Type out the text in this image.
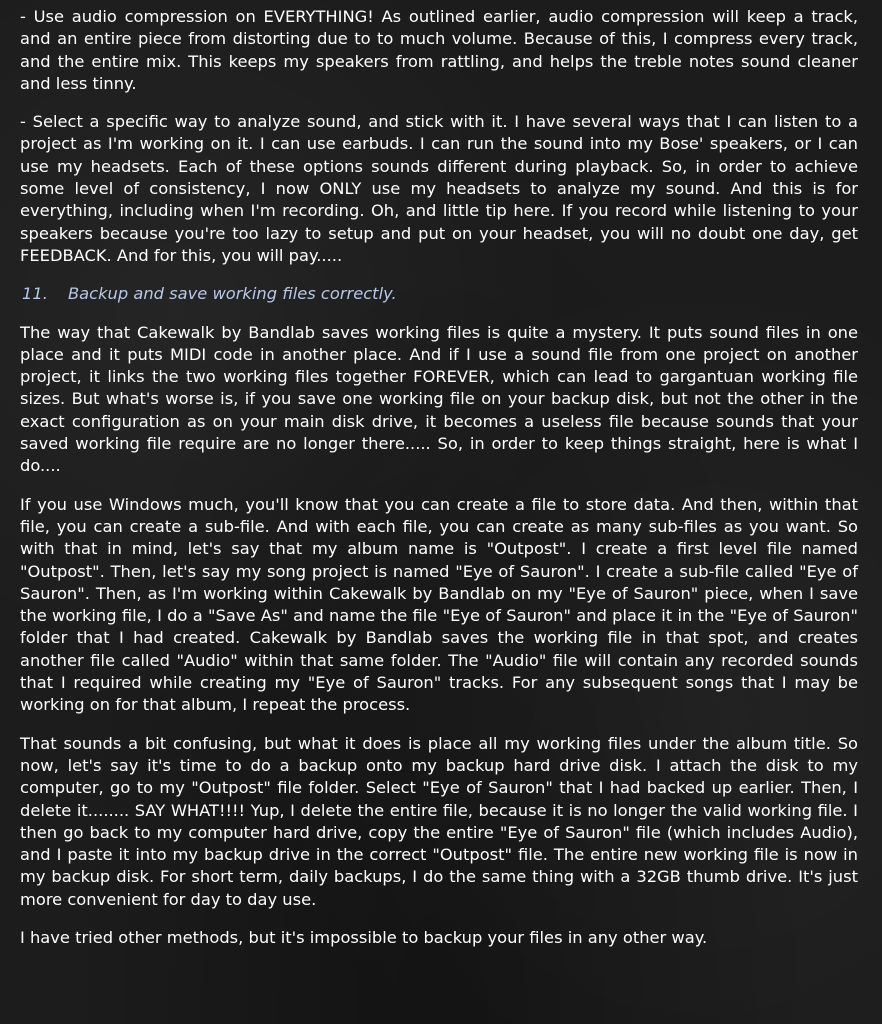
- Use audio compression on EVERYTHING! As outlined earlier, audio compression will keep a track, and an entire piece from distorting due to to much volume. Because of this, I compress every track, and the entire mix. This keeps my speakers from rattling, and helps the treble notes sound cleaner and less tinny.

- Select a specific way to analyze sound, and stick with it. I have several ways that I can listen to a project as I'm working on it. I can use earbuds. I can run the sound into my Bose' speakers, or I can use my headsets. Each of these options sounds different during playback. So, in order to achieve some level of consistency, I now ONLY use my headsets to analyze my sound. And this is for everything, including when I'm recording. Oh, and little tip here. If you record while listening to your speakers because you're too lazy to setup and put on your headset, you will no doubt one day, get FEEDBACK. And for this, you will pay.....

11. Backup and save working files correctly.

The way that Cakewalk by Bandlab saves working files is quite a mystery. It puts sound files in one place and it puts MIDI code in another place. And if I use a sound file from one project on another project, it links the two working files together FOREVER, which can lead to gargantuan working file sizes. But what's worse is, if you save one working file on your backup disk, but not the other in the exact configuration as on your main disk drive, it becomes a useless file because sounds that your saved working file require are no longer there..... So, in order to keep things straight, here is what I do....

If you use Windows much, you'll know that you can create a file to store data. And then, within that file, you can create a sub-file. And with each file, you can create as many sub-files as you want. So with that in mind, let's say that my album name is "Outpost". I create a first level file named "Outpost". Then, let's say my song project is named "Eye of Sauron". I create a sub-file called "Eye of Sauron". Then, as I'm working within Cakewalk by Bandlab on my "Eye of Sauron" piece, when I save the working file, I do a "Save As" and name the file "Eye of Sauron" and place it in the "Eye of Sauron" folder that I had created. Cakewalk by Bandlab saves the working file in that spot, and creates another file called "Audio" within that same folder. The "Audio" file will contain any recorded sounds that I required while creating my "Eye of Sauron" tracks. For any subsequent songs that I may be working on for that album, I repeat the process.

That sounds a bit confusing, but what it does is place all my working files under the album title. So now, let's say it's time to do a backup onto my backup hard drive disk. I attach the disk to my computer, go to my "Outpost" file folder. Select "Eye of Sauron" that I had backed up earlier. Then, I delete it........ SAY WHAT!!!! Yup, I delete the entire file, because it is no longer the valid working file. I then go back to my computer hard drive, copy the entire "Eye of Sauron" file (which includes Audio), and I paste it into my backup drive in the correct "Outpost" file. The entire new working file is now in my backup disk. For short term, daily backups, I do the same thing with a 32GB thumb drive. It's just more convenient for day to day use.

I have tried other methods, but it's impossible to backup your files in any other way.
